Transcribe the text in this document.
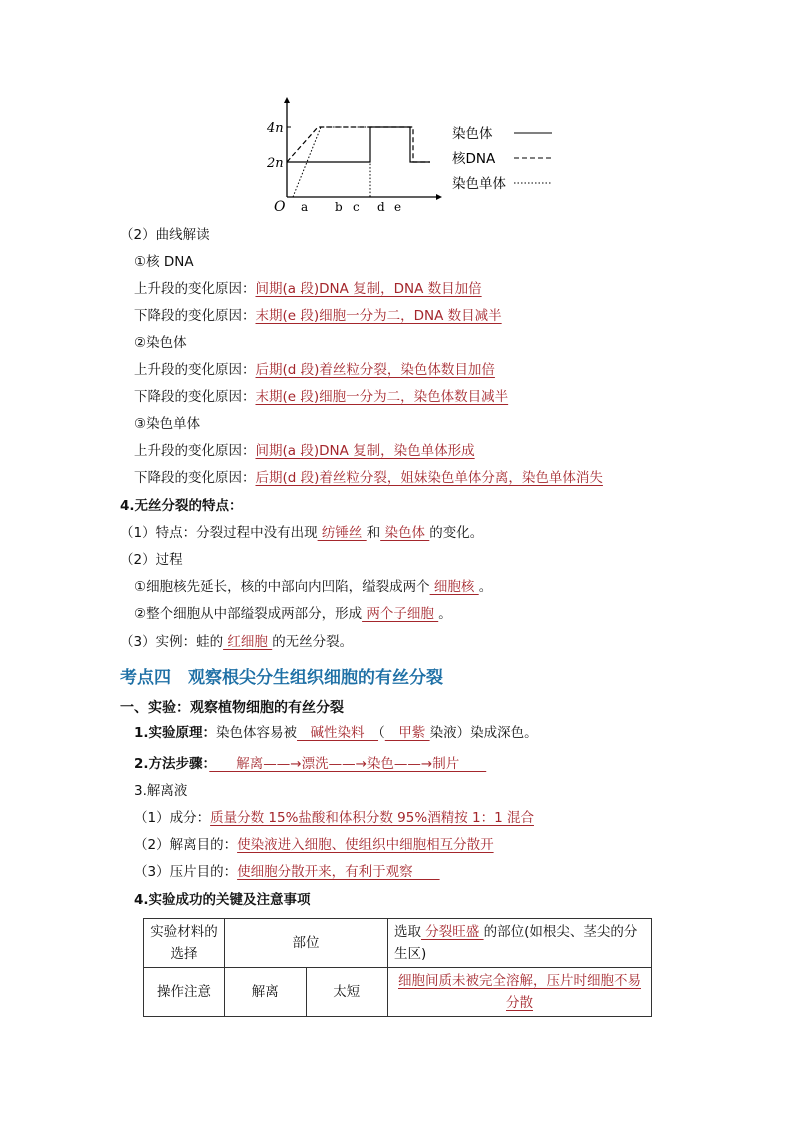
4n
2n
O a b c d e
染色体
核DNA
染色单体
（2）曲线解读
①核 DNA
上升段的变化原因：间期(a 段)DNA 复制，DNA 数目加倍
下降段的变化原因：末期(e 段)细胞一分为二，DNA 数目减半
②染色体
上升段的变化原因：后期(d 段)着丝粒分裂，染色体数目加倍
下降段的变化原因：末期(e 段)细胞一分为二，染色体数目减半
③染色单体
上升段的变化原因：间期(a 段)DNA 复制，染色单体形成
下降段的变化原因：后期(d 段)着丝粒分裂，姐妹染色单体分离，染色单体消失
4.无丝分裂的特点：
（1）特点：分裂过程中没有出现 纺锤丝 和 染色体 的变化。
（2）过程
①细胞核先延长，核的中部向内凹陷，缢裂成两个 细胞核 。
②整个细胞从中部缢裂成两部分，形成 两个子细胞 。
（3）实例：蛙的 红细胞 的无丝分裂。
考点四　观察根尖分生组织细胞的有丝分裂
一、实验：观察植物细胞的有丝分裂
1.实验原理：染色体容易被　碱性染料　（　甲紫 染液）染成深色。
2.方法步骤：　　解离——→漂洗——→染色——→制片　　
3.解离液
（1）成分：质量分数 15%盐酸和体积分数 95%酒精按 1：1 混合
（2）解离目的：使染液进入细胞、使组织中细胞相互分散开
（3）压片目的：使细胞分散开来，有利于观察　　
4.实验成功的关键及注意事项
实验材料的选择	部位		选取 分裂旺盛 的部位(如根尖、茎尖的分生区)
操作注意	解离	太短	细胞间质未被完全溶解，压片时细胞不易分散
